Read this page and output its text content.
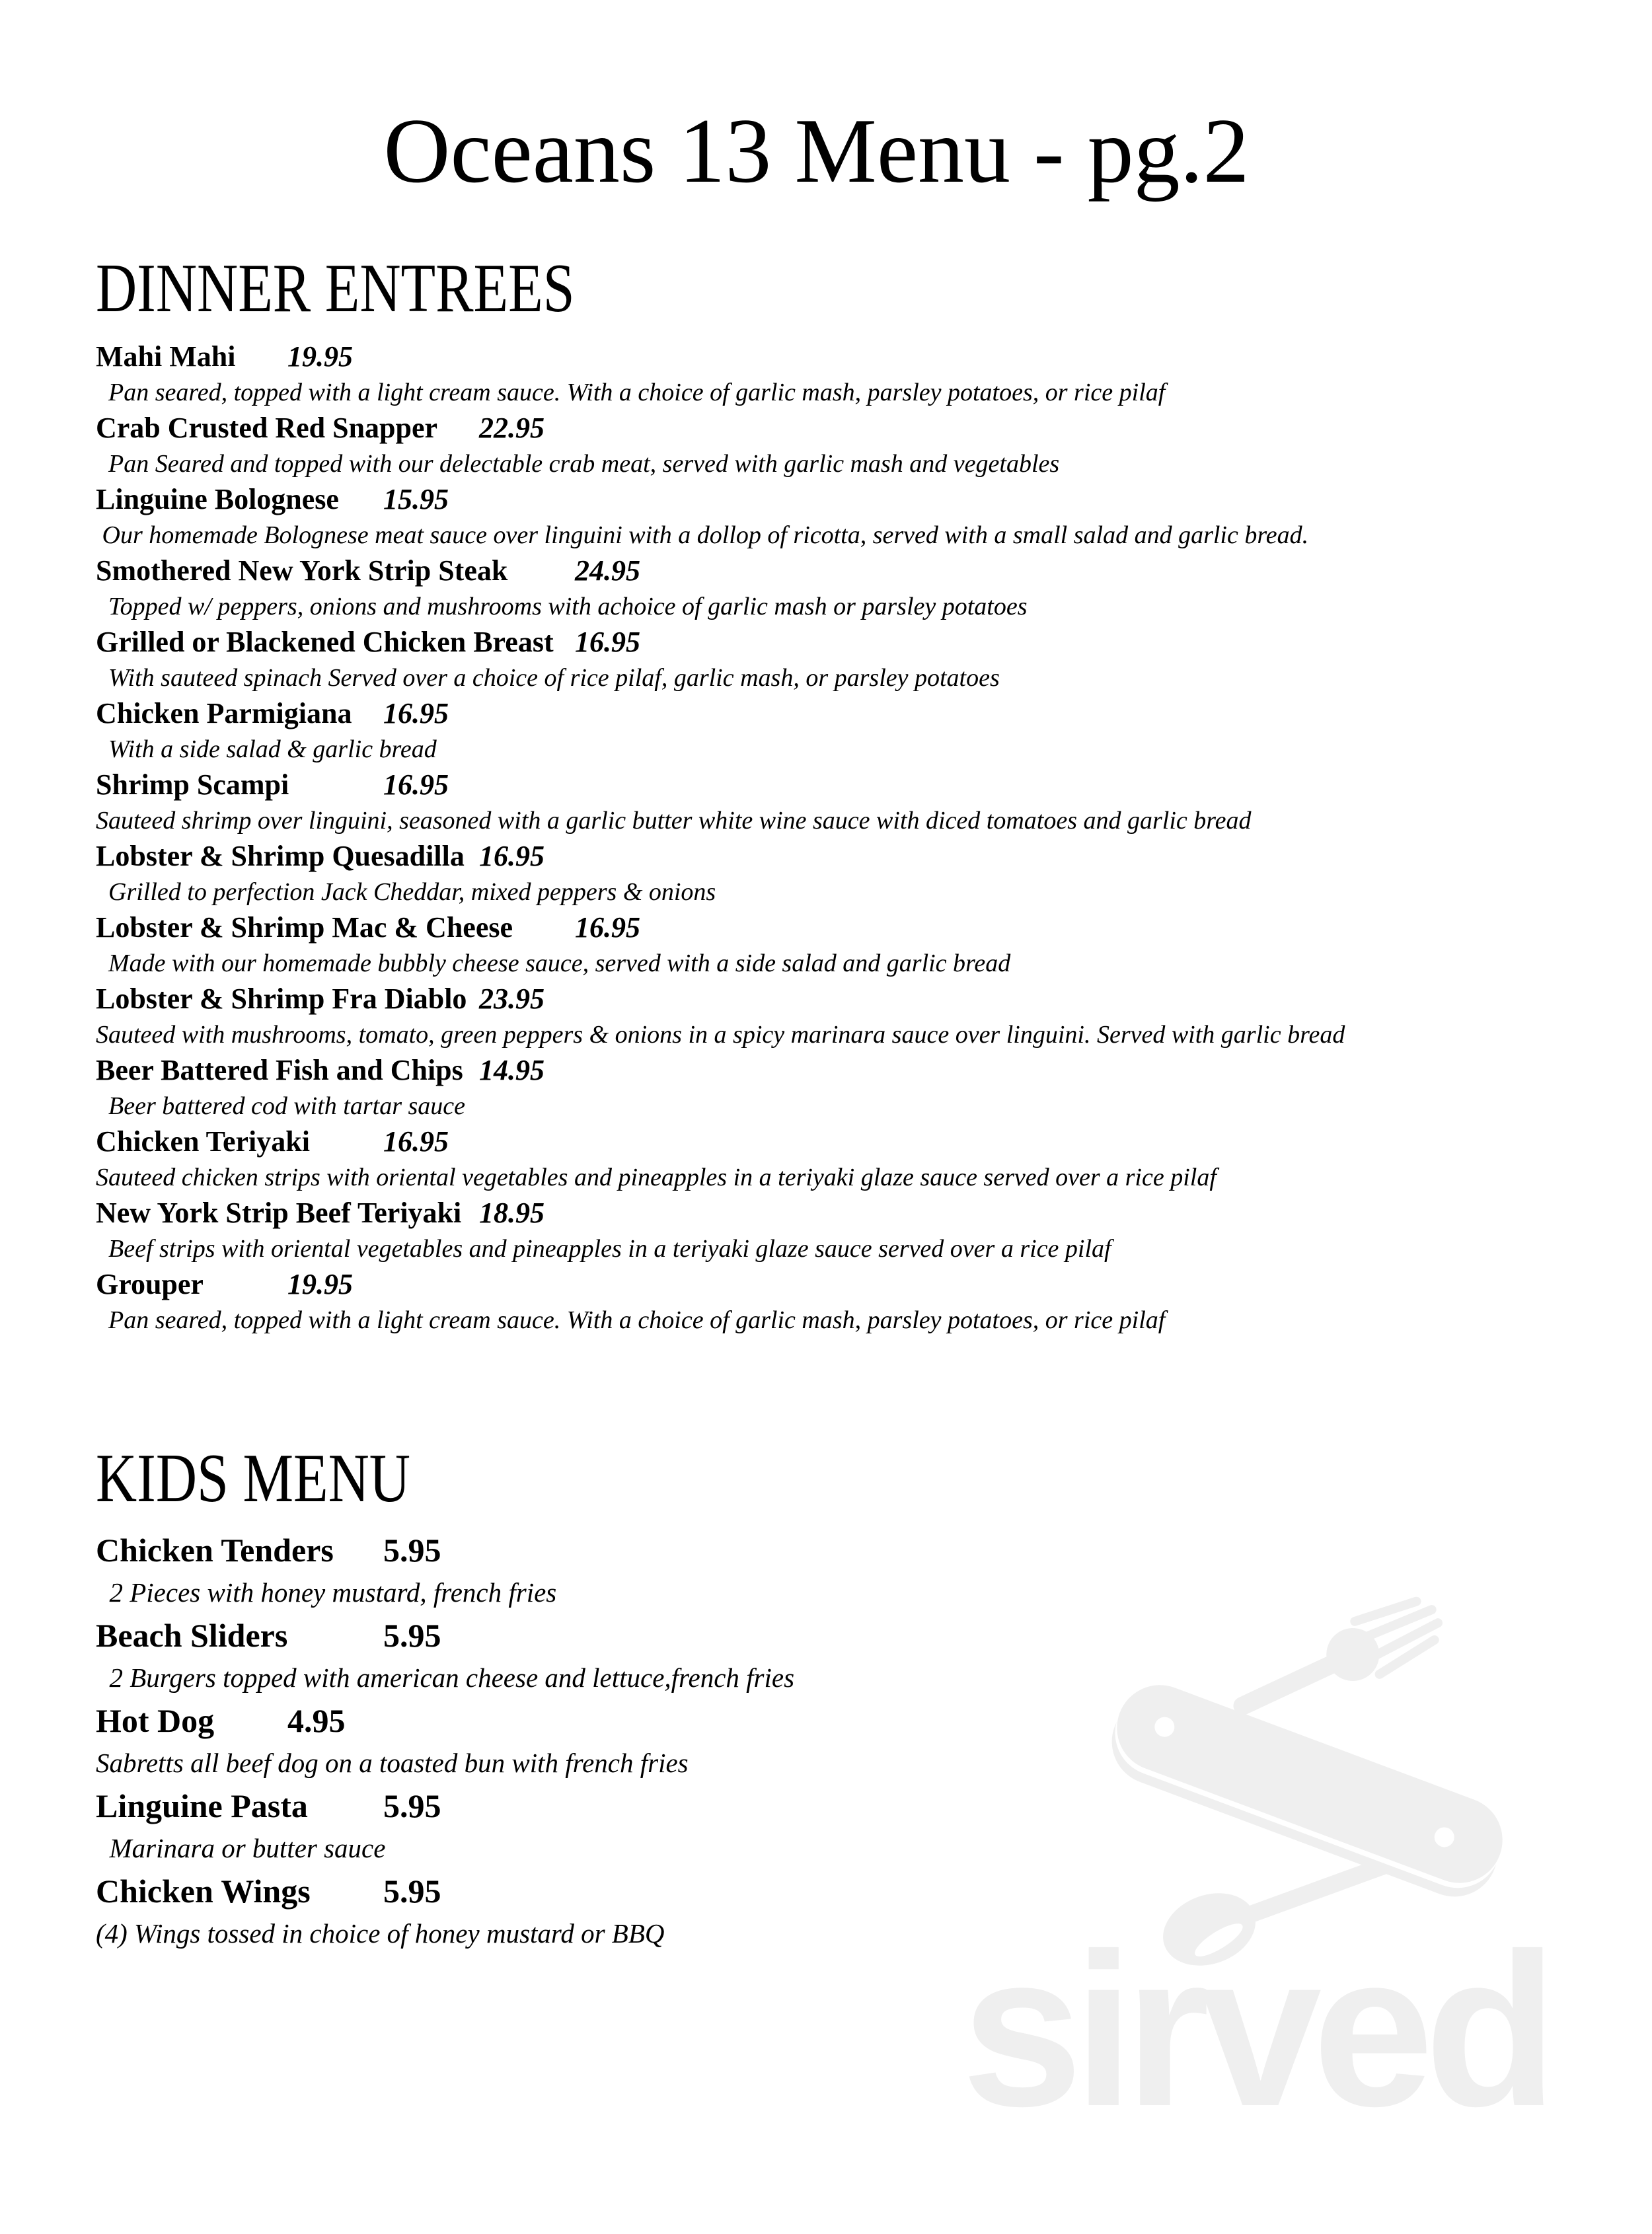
sirved
Oceans 13 Menu - pg.2
DINNER ENTREES
Mahi Mahi	19.95
Pan seared, topped with a light cream sauce. With a choice of garlic mash, parsley potatoes, or rice pilaf
Crab Crusted Red Snapper	22.95
Pan Seared and topped with our delectable crab meat, served with garlic mash and vegetables
Linguine Bolognese	15.95
Our homemade Bolognese meat sauce over linguini with a dollop of ricotta, served with a small salad and garlic bread.
Smothered New York Strip Steak	24.95
Topped w/ peppers, onions and mushrooms with achoice of garlic mash or parsley potatoes
Grilled or Blackened Chicken Breast	16.95
With sauteed spinach Served over a choice of rice pilaf, garlic mash, or parsley potatoes
Chicken Parmigiana	16.95
With a side salad & garlic bread
Shrimp Scampi		16.95
Sauteed shrimp over linguini, seasoned with a garlic butter white wine sauce with diced tomatoes and garlic bread
Lobster & Shrimp Quesadilla	16.95
Grilled to perfection Jack Cheddar, mixed peppers & onions
Lobster & Shrimp Mac & Cheese	16.95
Made with our homemade bubbly cheese sauce, served with a side salad and garlic bread
Lobster & Shrimp Fra Diablo	23.95
Sauteed with mushrooms, tomato, green peppers & onions in a spicy marinara sauce over linguini. Served with garlic bread
Beer Battered Fish and Chips	14.95
Beer battered cod with tartar sauce
Chicken Teriyaki		16.95
Sauteed chicken strips with oriental vegetables and pineapples in a teriyaki glaze sauce served over a rice pilaf
New York Strip Beef Teriyaki	18.95
Beef strips with oriental vegetables and pineapples in a teriyaki glaze sauce served over a rice pilaf
Grouper		19.95
Pan seared, topped with a light cream sauce. With a choice of garlic mash, parsley potatoes, or rice pilaf
KIDS MENU
Chicken Tenders	5.95
2 Pieces with honey mustard, french fries
Beach Sliders		5.95
2 Burgers topped with american cheese and lettuce,french fries
Hot Dog	4.95
Sabretts all beef dog on a toasted bun with french fries
Linguine Pasta	5.95
Marinara or butter sauce
Chicken Wings	5.95
(4) Wings tossed in choice of honey mustard or BBQ
